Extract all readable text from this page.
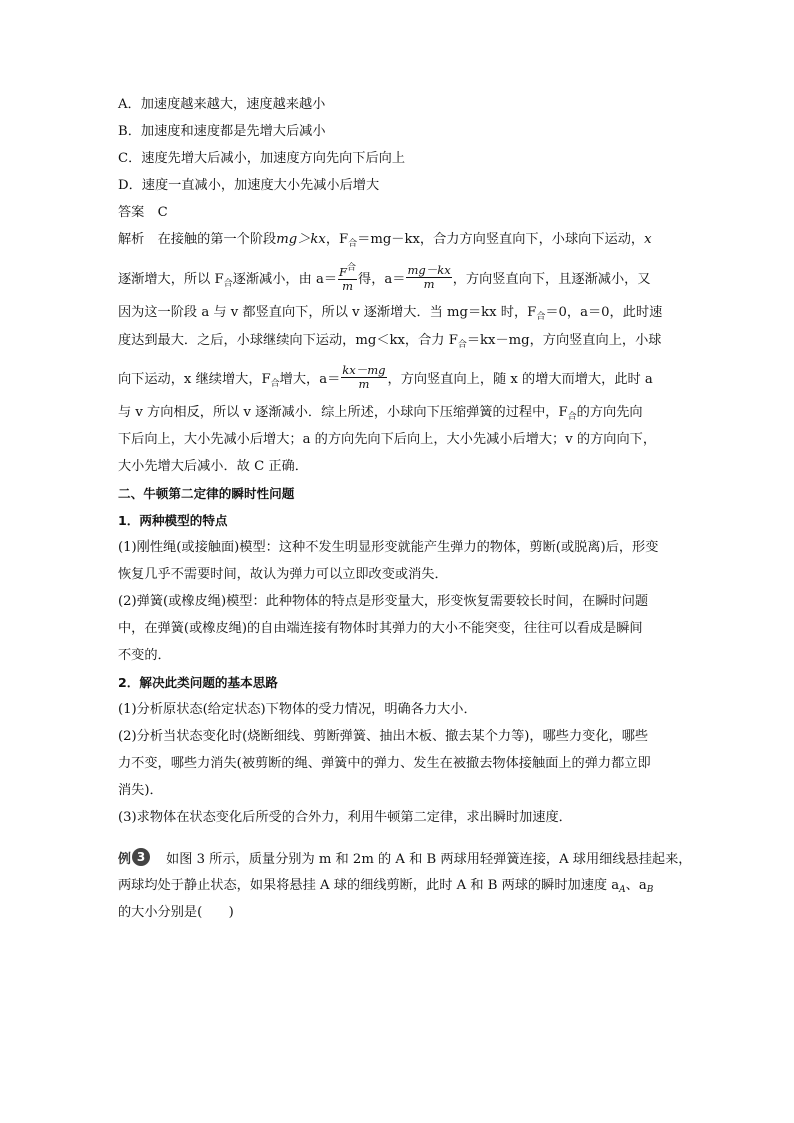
A．加速度越来越大，速度越来越小
B．加速度和速度都是先增大后减小
C．速度先增大后减小，加速度方向先向下后向上
D．速度一直减小，加速度大小先减小后增大
答案　 C
解析　 在接触的第一个阶段mg＞kx，$F_合=mg-kx$，合力方向竖直向下，小球向下运动，x
逐渐增大，所以 $F_合$逐渐减小，由 $a= \frac{F^合}{m}$ 得，$a= \frac{mg-kx}{m}$ ，方向竖直向下，且逐渐减小，又
因为这一阶段 a 与 v 都竖直向下，所以 v 逐渐增大．当 mg＝kx 时，$F_合=0$，a＝0，此时速
度达到最大．之后，小球继续向下运动，mg＜kx，合力 $F_合=kx-mg$，方向竖直向上，小球
向下运动，x 继续增大，$F_合$增大，$a= \frac{kx-mg}{m}$ ，方向竖直向上，随 x 的增大而增大，此时 a
与 v 方向相反，所以 v 逐渐减小．综上所述，小球向下压缩弹簧的过程中，$F_合$的方向先向
下后向上，大小先减小后增大；a 的方向先向下后向上，大小先减小后增大；v 的方向向下，
大小先增大后减小．故 C 正确．
二、牛顿第二定律的瞬时性问题
1．两种模型的特点
(1)刚性绳(或接触面)模型：这种不发生明显形变就能产生弹力的物体，剪断(或脱离)后，形变
恢复几乎不需要时间，故认为弹力可以立即改变或消失．
(2)弹簧(或橡皮绳)模型：此种物体的特点是形变量大，形变恢复需要较长时间，在瞬时问题
中，在弹簧(或橡皮绳)的自由端连接有物体时其弹力的大小不能突变，往往可以看成是瞬间
不变的．
2．解决此类问题的基本思路
(1)分析原状态(给定状态)下物体的受力情况，明确各力大小．
(2)分析当状态变化时(烧断细线、剪断弹簧、抽出木板、撤去某个力等)，哪些力变化，哪些
力不变，哪些力消失(被剪断的绳、弹簧中的弹力、发生在被撤去物体接触面上的弹力都立即
消失)．
(3)求物体在状态变化后所受的合外力，利用牛顿第二定律，求出瞬时加速度．
例 3 如图 3 所示，质量分别为 m 和 2m 的 A 和 B 两球用轻弹簧连接，A 球用细线悬挂起来，
两球均处于静止状态，如果将悬挂 A 球的细线剪断，此时 A 和 B 两球的瞬时加速度 $a_A$、$a_B$
的大小分别是(　　)
